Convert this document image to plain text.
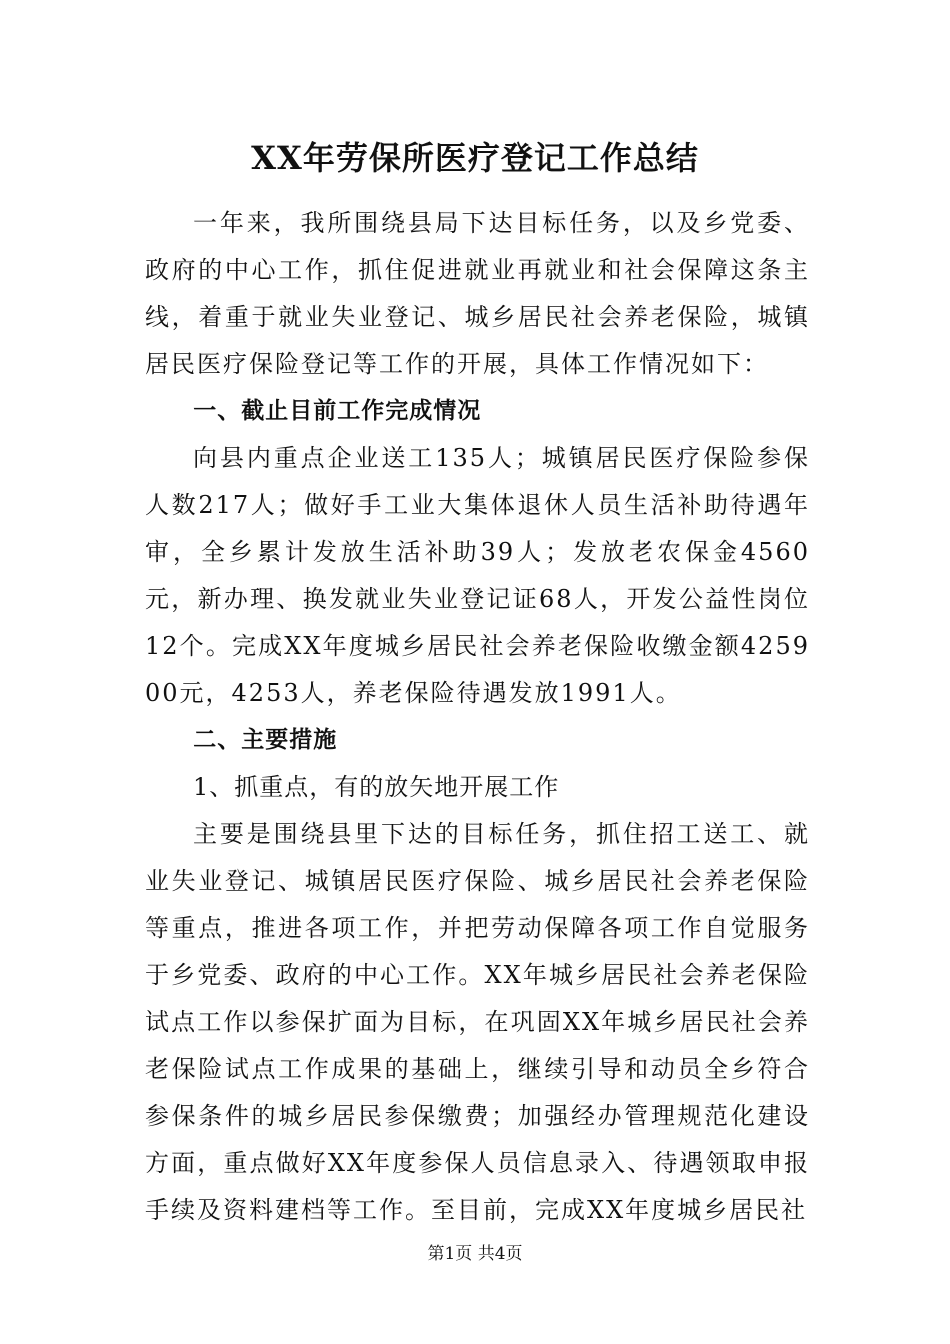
XX年劳保所医疗登记工作总结

一年来，我所围绕县局下达目标任务，以及乡党委、政府的中心工作，抓住促进就业再就业和社会保障这条主线，着重于就业失业登记、城乡居民社会养老保险，城镇居民医疗保险登记等工作的开展，具体工作情况如下：

一、截止目前工作完成情况

向县内重点企业送工135人；城镇居民医疗保险参保人数217人；做好手工业大集体退休人员生活补助待遇年审，全乡累计发放生活补助39人；发放老农保金4560元，新办理、换发就业失业登记证68人，开发公益性岗位12个。完成XX年度城乡居民社会养老保险收缴金额425900元，4253人，养老保险待遇发放1991人。

二、主要措施

1、抓重点，有的放矢地开展工作

主要是围绕县里下达的目标任务，抓住招工送工、就业失业登记、城镇居民医疗保险、城乡居民社会养老保险等重点，推进各项工作，并把劳动保障各项工作自觉服务于乡党委、政府的中心工作。XX年城乡居民社会养老保险试点工作以参保扩面为目标，在巩固XX年城乡居民社会养老保险试点工作成果的基础上，继续引导和动员全乡符合参保条件的城乡居民参保缴费；加强经办管理规范化建设方面，重点做好XX年度参保人员信息录入、待遇领取申报手续及资料建档等工作。至目前，完成XX年度城乡居民社

第1页 共4页
